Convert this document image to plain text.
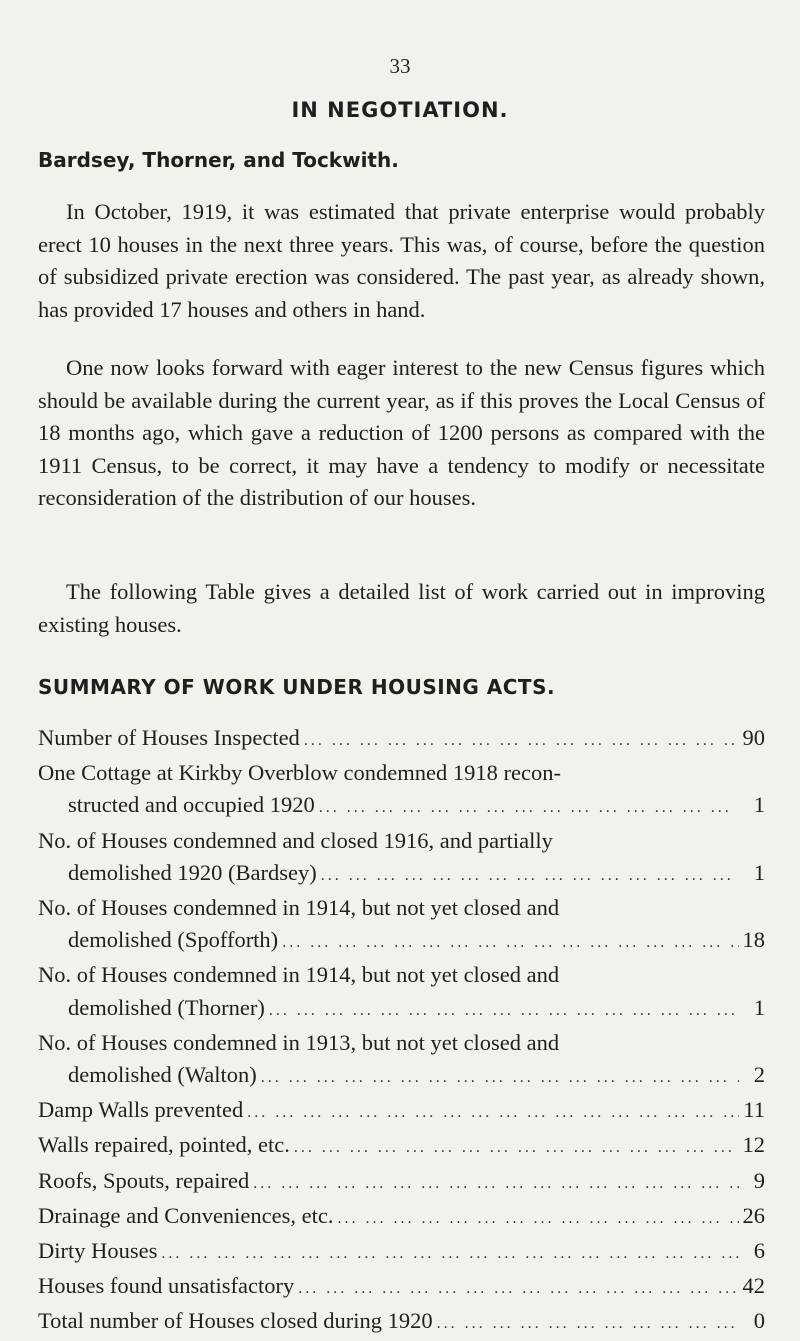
33
IN NEGOTIATION.
Bardsey, Thorner, and Tockwith.

In October, 1919, it was estimated that private enterprise would probably erect 10 houses in the next three years. This was, of course, before the question of subsidized private erection was considered. The past year, as already shown, has provided 17 houses and others in hand.

One now looks forward with eager interest to the new Census figures which should be available during the current year, as if this proves the Local Census of 18 months ago, which gave a reduction of 1200 persons as compared with the 1911 Census, to be correct, it may have a tendency to modify or necessitate reconsideration of the distribution of our houses.

The following Table gives a detailed list of work carried out in improving existing houses.

SUMMARY OF WORK UNDER HOUSING ACTS.
Number of Houses Inspected ... .	90
One Cottage at Kirkby Overblow condemned 1918 recon-
structed and occupied 1920 ... .	1
No. of Houses condemned and closed 1916, and partially
demolished 1920 (Bardsey) ... .	1
No. of Houses condemned in 1914, but not yet closed and
demolished (Spofforth) ... .	18
No. of Houses condemned in 1914, but not yet closed and
demolished (Thorner) ... .	1
No. of Houses condemned in 1913, but not yet closed and
demolished (Walton) ... .	2
Damp Walls prevented ... .	11
Walls repaired, pointed, etc. ... .	12
Roofs, Spouts, repaired ... .	9
Drainage and Conveniences, etc. ... .	26
Dirty Houses ... .	6
Houses found unsatisfactory ... .	42
Total number of Houses closed during 1920 ... .	0
